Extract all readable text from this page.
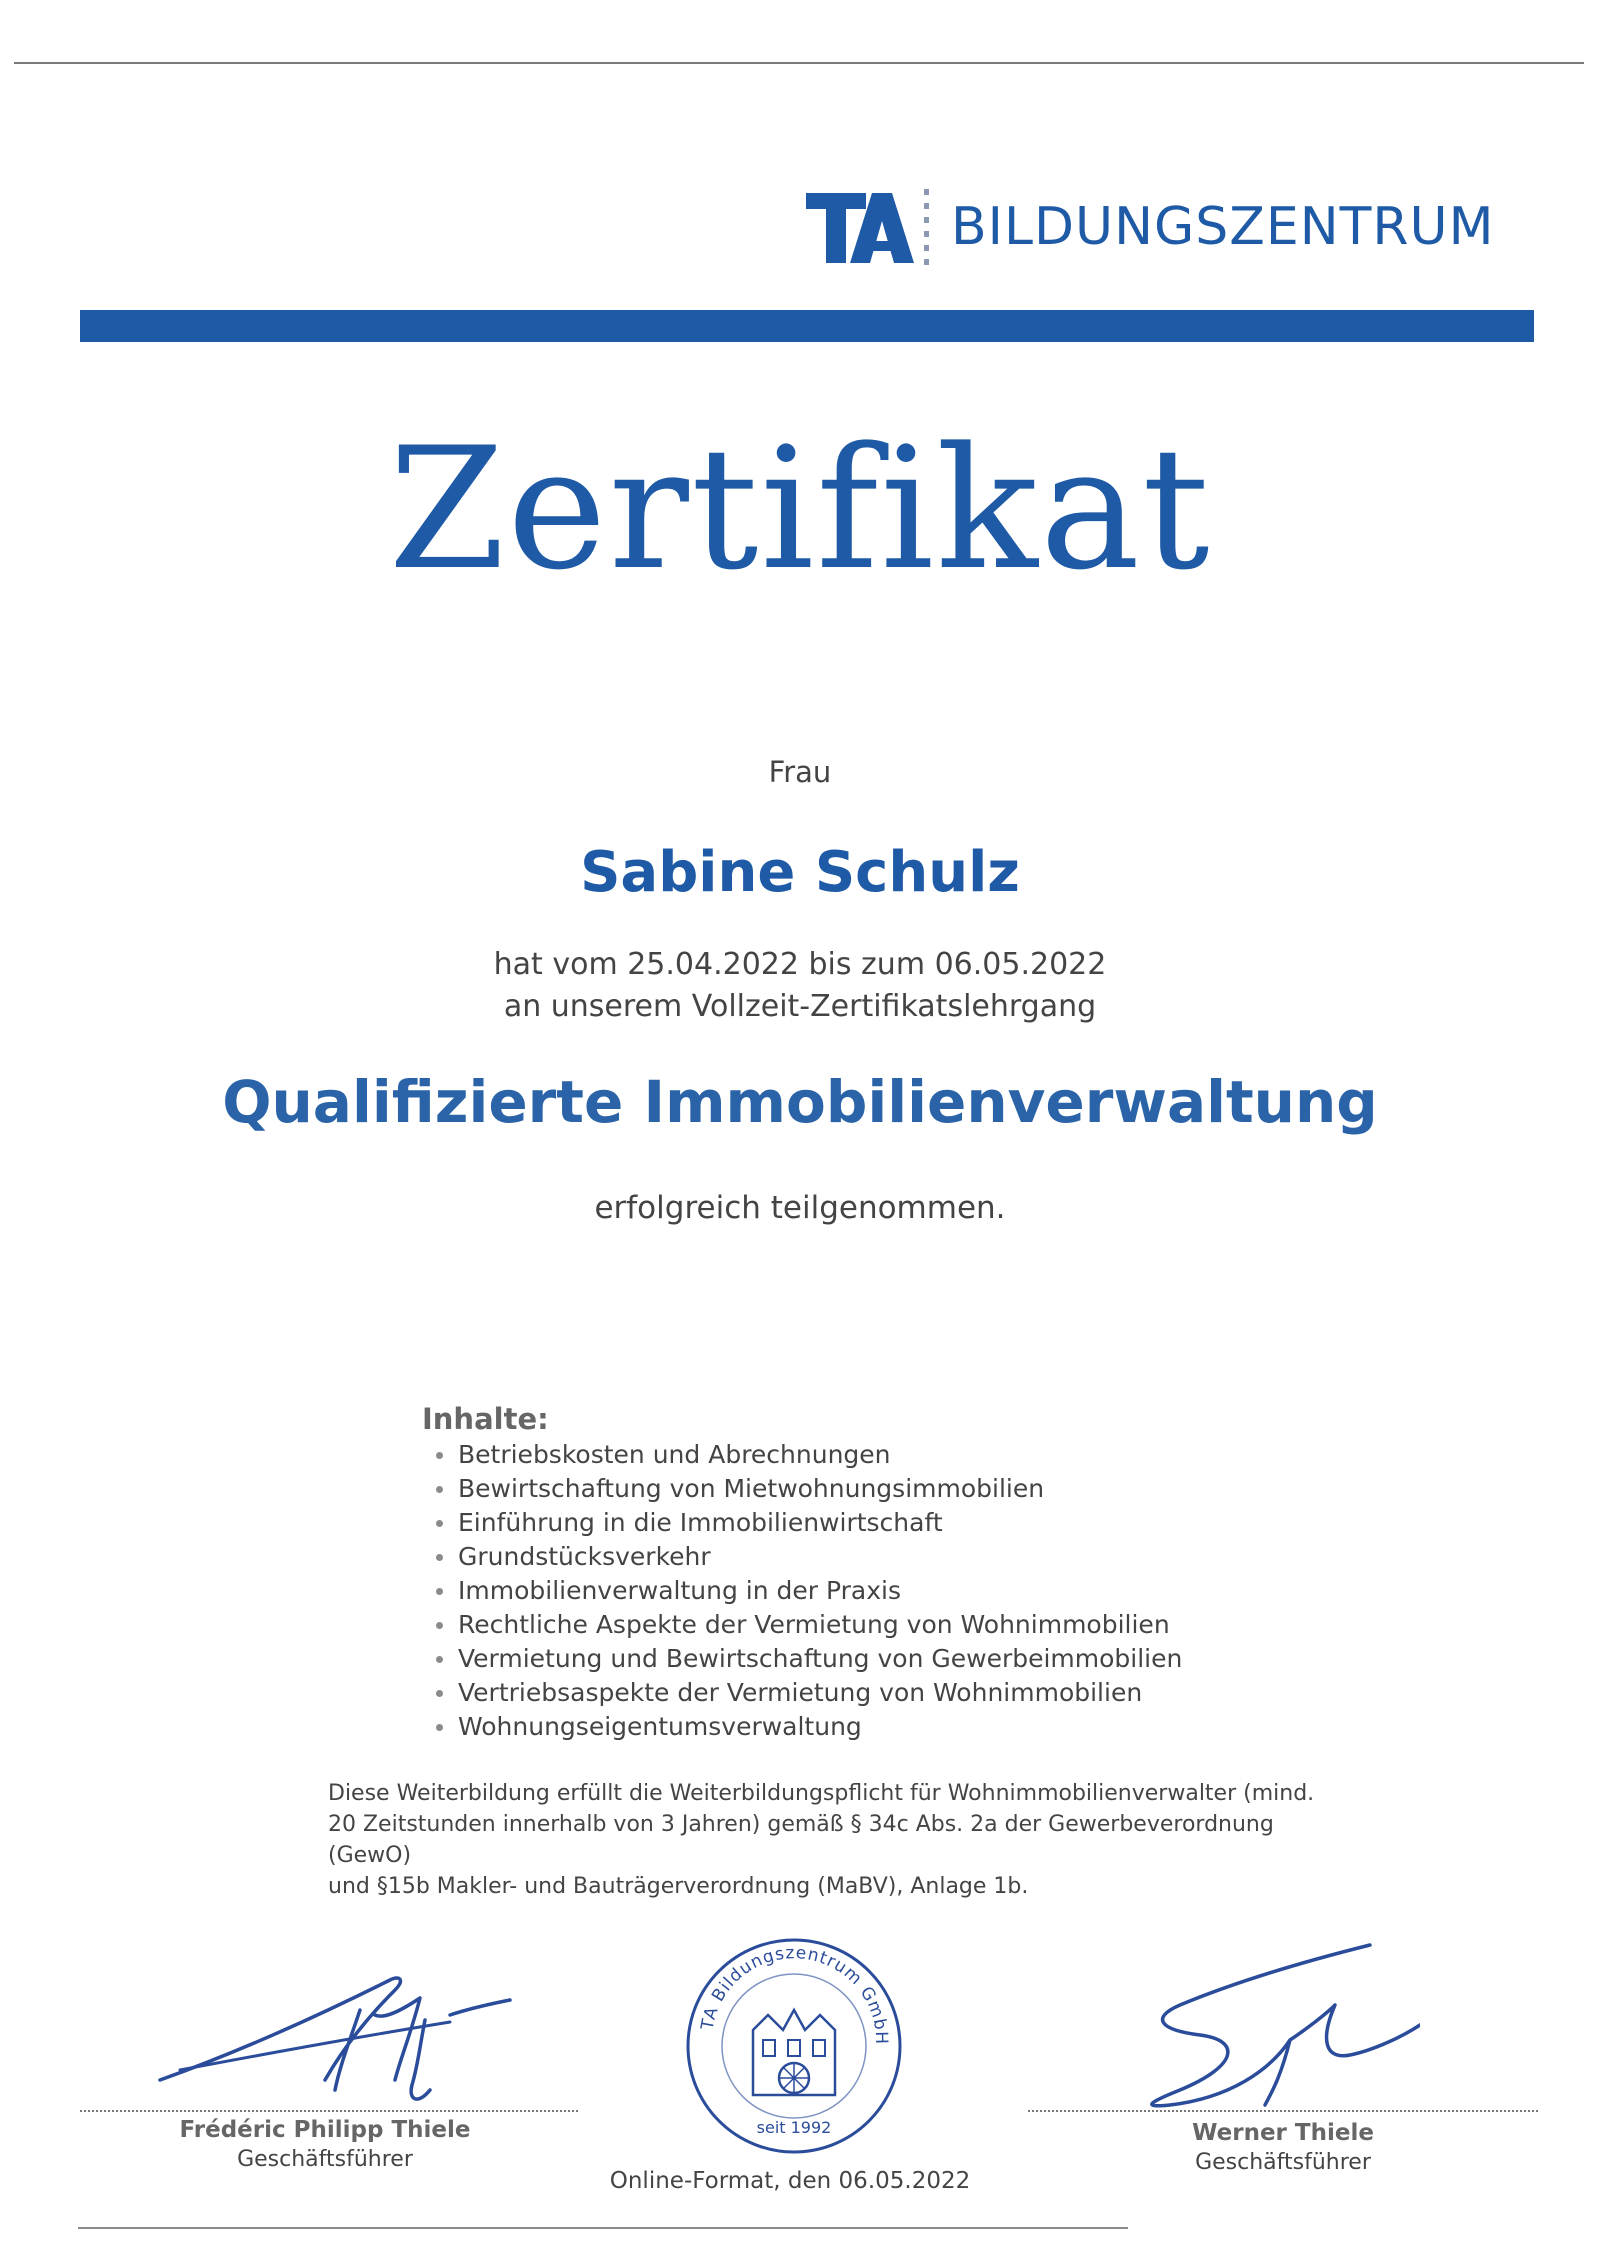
TA
BILDUNGSZENTRUM
Zertifikat
Frau
Sabine Schulz
hat vom 25.04.2022 bis zum 06.05.2022
an unserem Vollzeit-Zertifikatslehrgang
Qualifizierte Immobilienverwaltung
erfolgreich teilgenommen.
Inhalte:
Betriebskosten und Abrechnungen
Bewirtschaftung von Mietwohnungsimmobilien
Einführung in die Immobilienwirtschaft
Grundstücksverkehr
Immobilienverwaltung in der Praxis
Rechtliche Aspekte der Vermietung von Wohnimmobilien
Vermietung und Bewirtschaftung von Gewerbeimmobilien
Vertriebsaspekte der Vermietung von Wohnimmobilien
Wohnungseigentumsverwaltung

Diese Weiterbildung erfüllt die Weiterbildungspflicht für Wohnimmobilienverwalter (mind.

20 Zeitstunden innerhalb von 3 Jahren) gemäß § 34c Abs. 2a der Gewerbeverordnung (GewO)

und §15b Makler- und Bauträgerverordnung (MaBV), Anlage 1b.

Frédéric Philipp Thiele
Geschäftsführer
TA Bildungszentrum GmbH
seit 1992	Werner Thiele
Geschäftsführer
Online-Format, den 06.05.2022
